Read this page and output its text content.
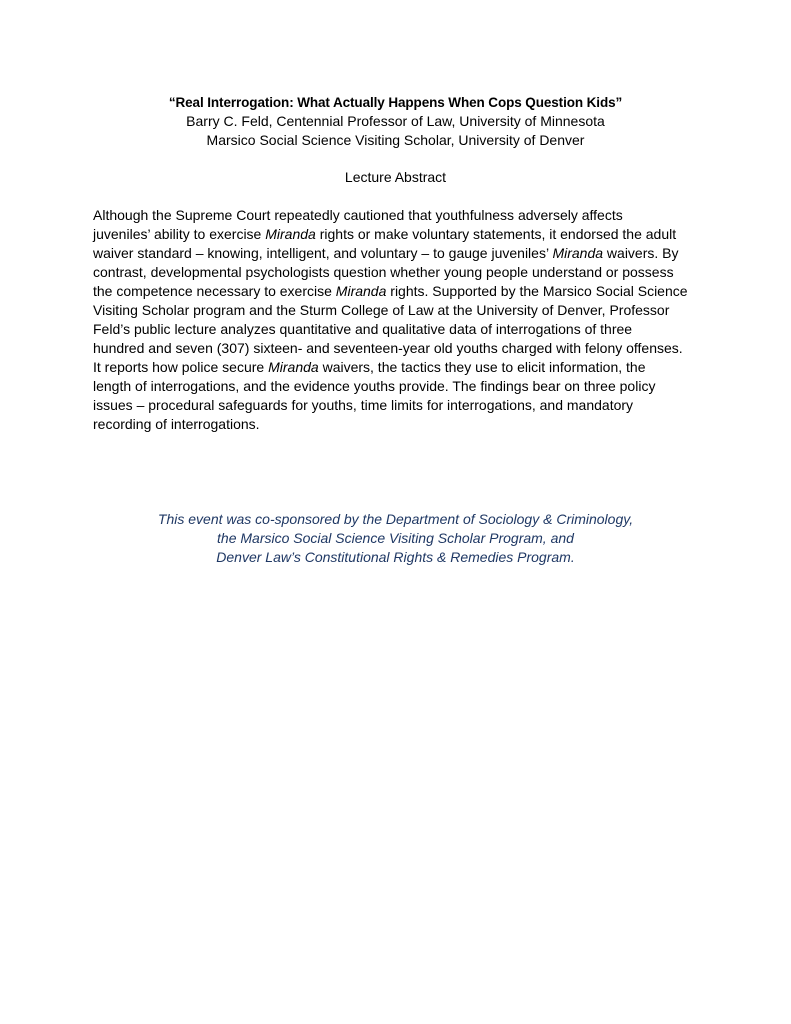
“Real Interrogation: What Actually Happens When Cops Question Kids”
Barry C. Feld, Centennial Professor of Law, University of Minnesota
Marsico Social Science Visiting Scholar, University of Denver
Lecture Abstract
Although the Supreme Court repeatedly cautioned that youthfulness adversely affects
juveniles’ ability to exercise Miranda rights or make voluntary statements, it endorsed the adult
waiver standard – knowing, intelligent, and voluntary – to gauge juveniles’ Miranda waivers. By
contrast, developmental psychologists question whether young people understand or possess
the competence necessary to exercise Miranda rights. Supported by the Marsico Social Science
Visiting Scholar program and the Sturm College of Law at the University of Denver, Professor
Feld’s public lecture analyzes quantitative and qualitative data of interrogations of three
hundred and seven (307) sixteen- and seventeen-year old youths charged with felony offenses.
It reports how police secure Miranda waivers, the tactics they use to elicit information, the
length of interrogations, and the evidence youths provide. The findings bear on three policy
issues – procedural safeguards for youths, time limits for interrogations, and mandatory
recording of interrogations.
This event was co-sponsored by the Department of Sociology & Criminology,
the Marsico Social Science Visiting Scholar Program, and
Denver Law’s Constitutional Rights & Remedies Program.
